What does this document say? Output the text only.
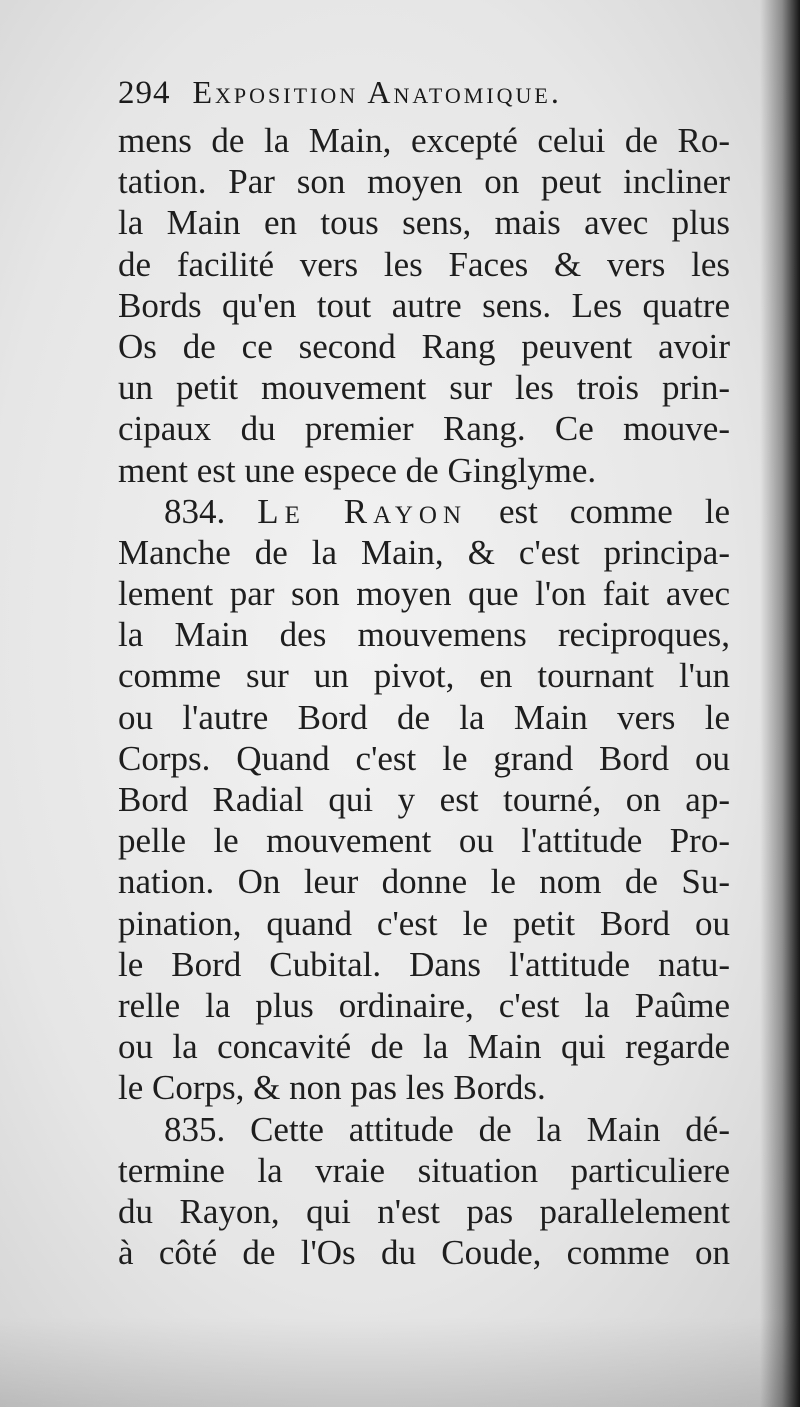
294 Exposition Anatomique.
mens de la Main, excepté celui de Ro-
tation. Par son moyen on peut incliner
la Main en tous sens, mais avec plus
de facilité vers les Faces & vers les
Bords qu'en tout autre sens. Les quatre
Os de ce second Rang peuvent avoir
un petit mouvement sur les trois prin-
cipaux du premier Rang. Ce mouve-
ment est une espece de Ginglyme.
834. Le Rayon est comme le
Manche de la Main, & c'est principa-
lement par son moyen que l'on fait avec
la Main des mouvemens reciproques,
comme sur un pivot, en tournant l'un
ou l'autre Bord de la Main vers le
Corps. Quand c'est le grand Bord ou
Bord Radial qui y est tourné, on ap-
pelle le mouvement ou l'attitude Pro-
nation. On leur donne le nom de Su-
pination, quand c'est le petit Bord ou
le Bord Cubital. Dans l'attitude natu-
relle la plus ordinaire, c'est la Paûme
ou la concavité de la Main qui regarde
le Corps, & non pas les Bords.
835. Cette attitude de la Main dé-
termine la vraie situation particuliere
du Rayon, qui n'est pas parallelement
à côté de l'Os du Coude, comme on
